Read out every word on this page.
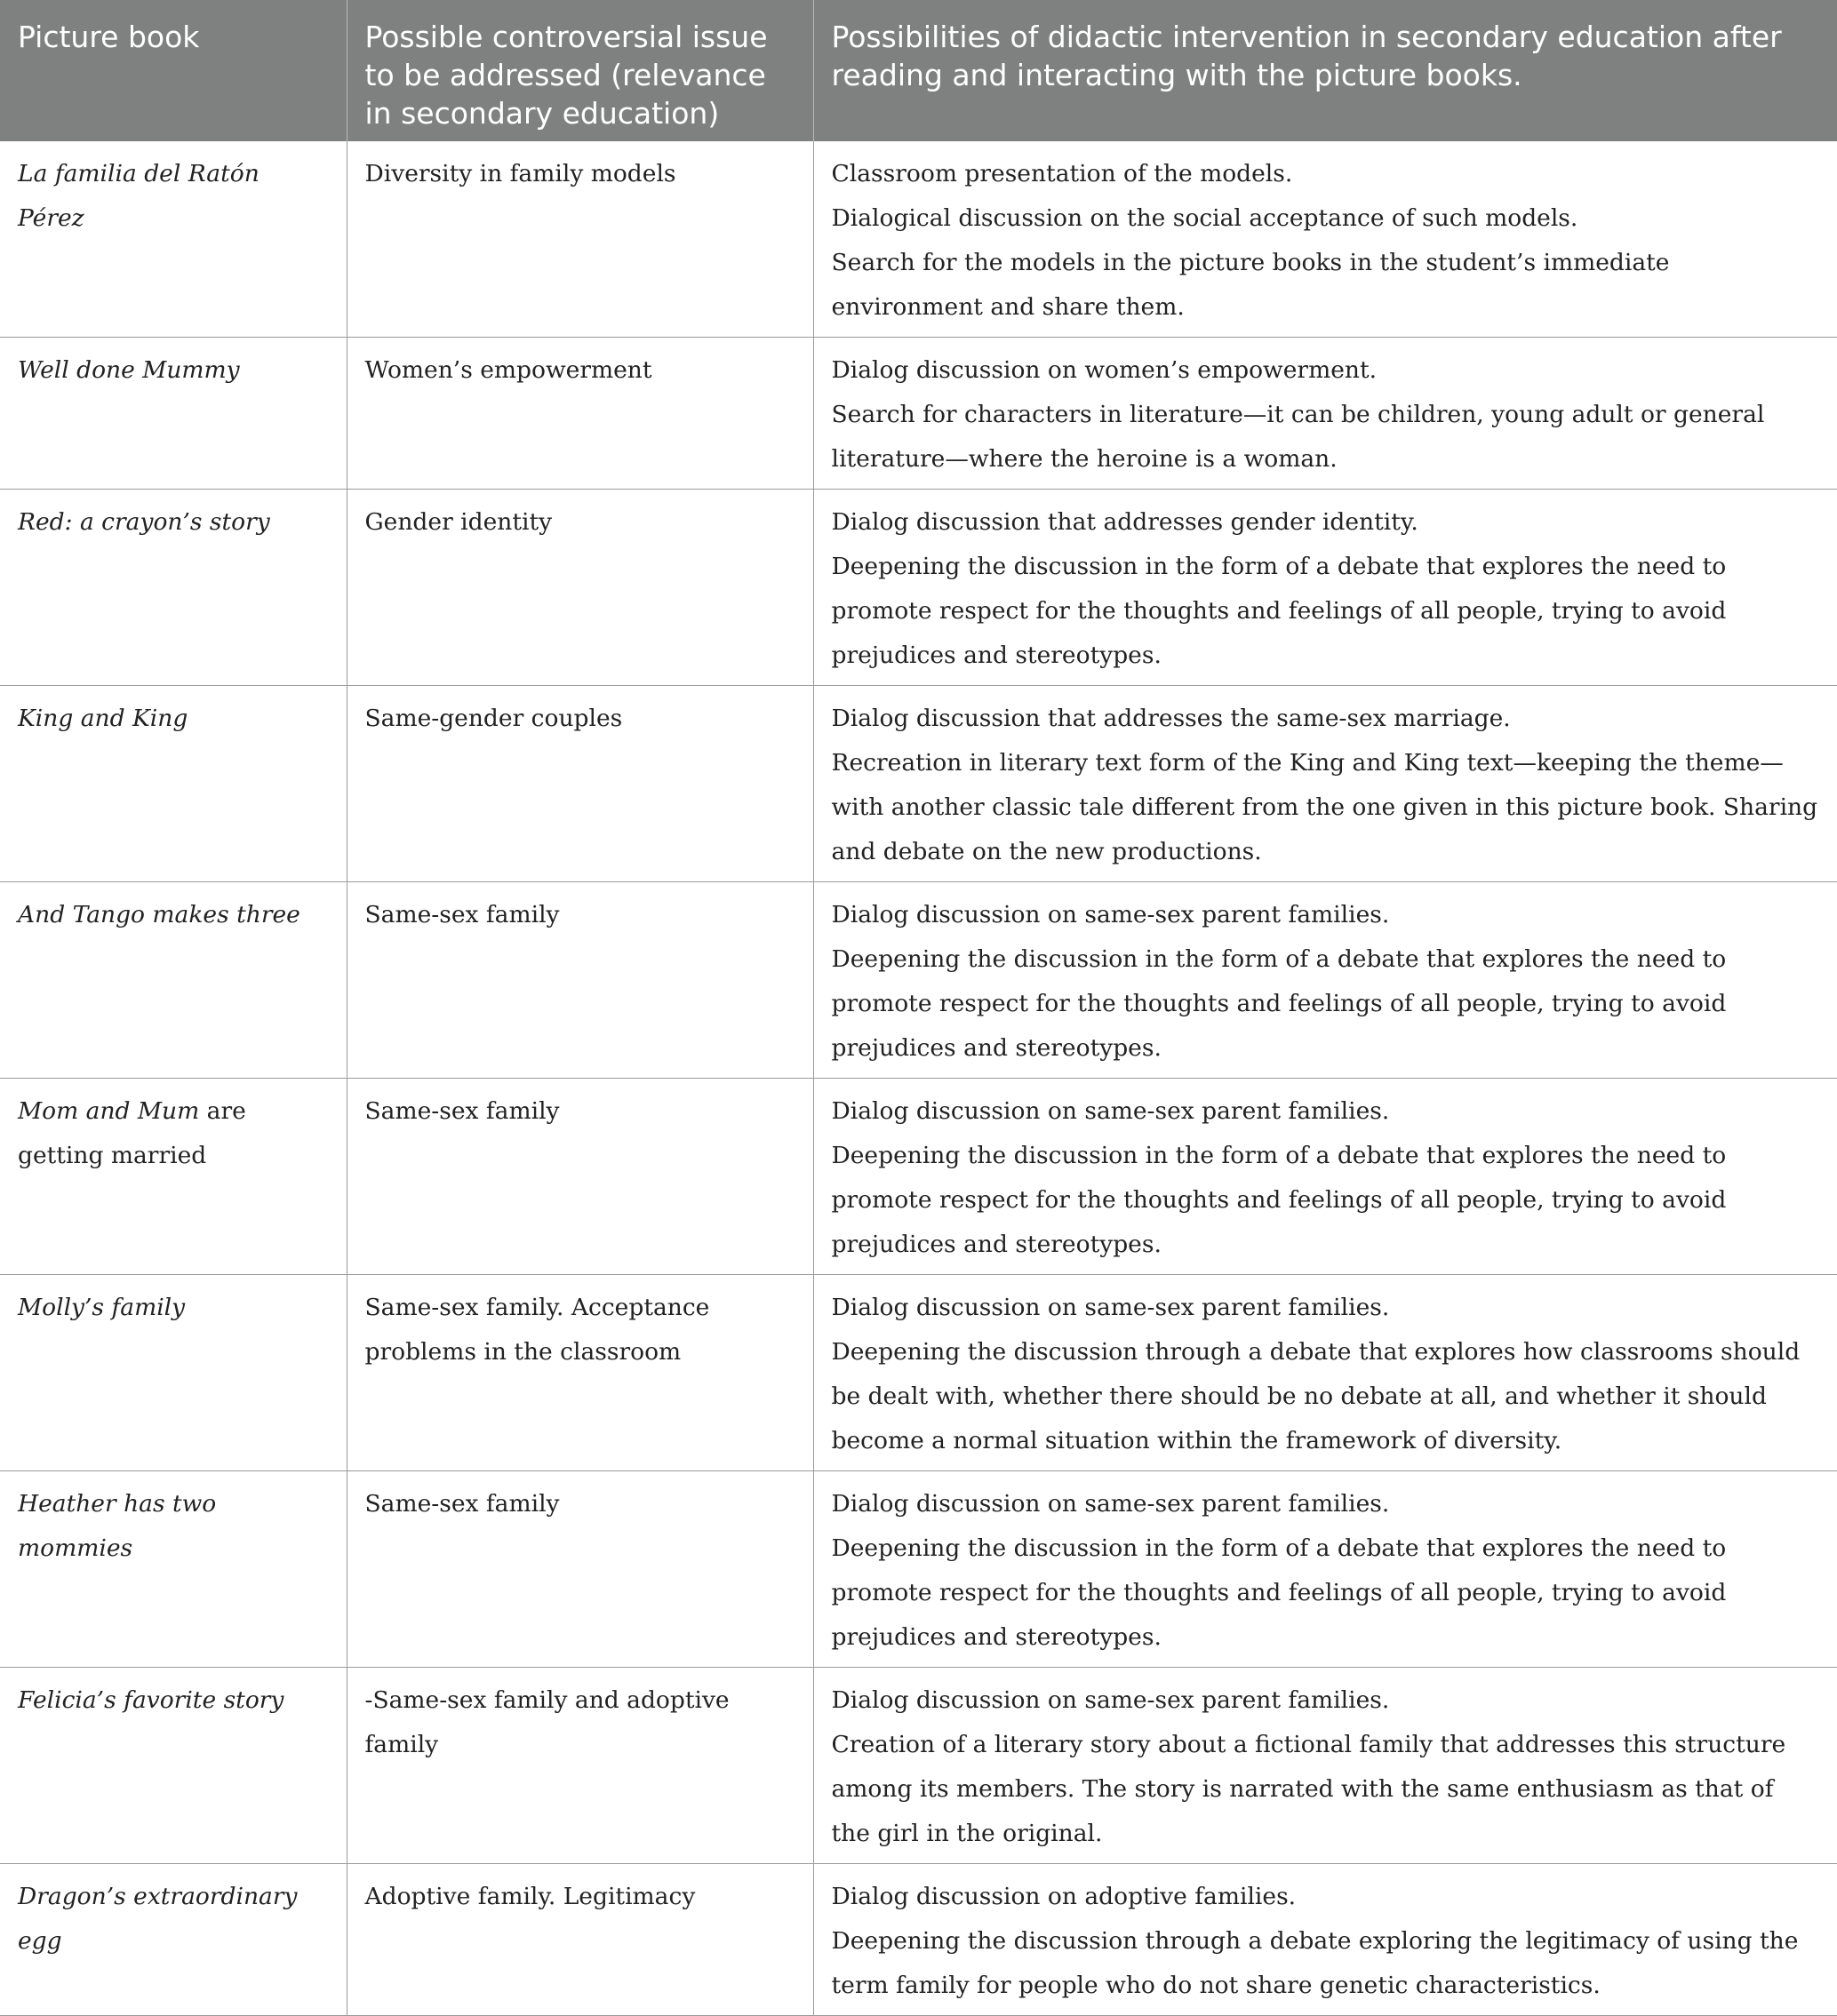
Picture book	Possible controversial issue to be addressed (relevance in secondary education)	Possibilities of didactic intervention in secondary education after reading and interacting with the picture books.
La familia del Ratón Pérez	Diversity in family models	Classroom presentation of the models.
Dialogical discussion on the social acceptance of such models.
Search for the models in the picture books in the student’s immediate environment and share them.

Well done Mummy	Women’s empowerment	Dialog discussion on women’s empowerment.
Search for characters in literature—it can be children, young adult or general literature—where the heroine is a woman.

Red: a crayon’s story	Gender identity	Dialog discussion that addresses gender identity.
Deepening the discussion in the form of a debate that explores the need to promote respect for the thoughts and feelings of all people, trying to avoid prejudices and stereotypes.

King and King	Same-gender couples	Dialog discussion that addresses the same-sex marriage.
Recreation in literary text form of the King and King text—keeping the theme—with another classic tale different from the one given in this picture book. Sharing and debate on the new productions.

And Tango makes three	Same-sex family	Dialog discussion on same-sex parent families.
Deepening the discussion in the form of a debate that explores the need to promote respect for the thoughts and feelings of all people, trying to avoid prejudices and stereotypes.

Mom and Mum are getting married	Same-sex family	Dialog discussion on same-sex parent families.
Deepening the discussion in the form of a debate that explores the need to promote respect for the thoughts and feelings of all people, trying to avoid prejudices and stereotypes.

Molly’s family	Same-sex family. Acceptance problems in the classroom	Dialog discussion on same-sex parent families.
Deepening the discussion through a debate that explores how classrooms should be dealt with, whether there should be no debate at all, and whether it should become a normal situation within the framework of diversity.

Heather has two mommies	Same-sex family	Dialog discussion on same-sex parent families.
Deepening the discussion in the form of a debate that explores the need to promote respect for the thoughts and feelings of all people, trying to avoid prejudices and stereotypes.

Felicia’s favorite story	-Same-sex family and adoptive family	Dialog discussion on same-sex parent families.
Creation of a literary story about a fictional family that addresses this structure among its members. The story is narrated with the same enthusiasm as that of the girl in the original.

Dragon’s extraordinary egg	Adoptive family. Legitimacy	Dialog discussion on adoptive families.
Deepening the discussion through a debate exploring the legitimacy of using the term family for people who do not share genetic characteristics.
